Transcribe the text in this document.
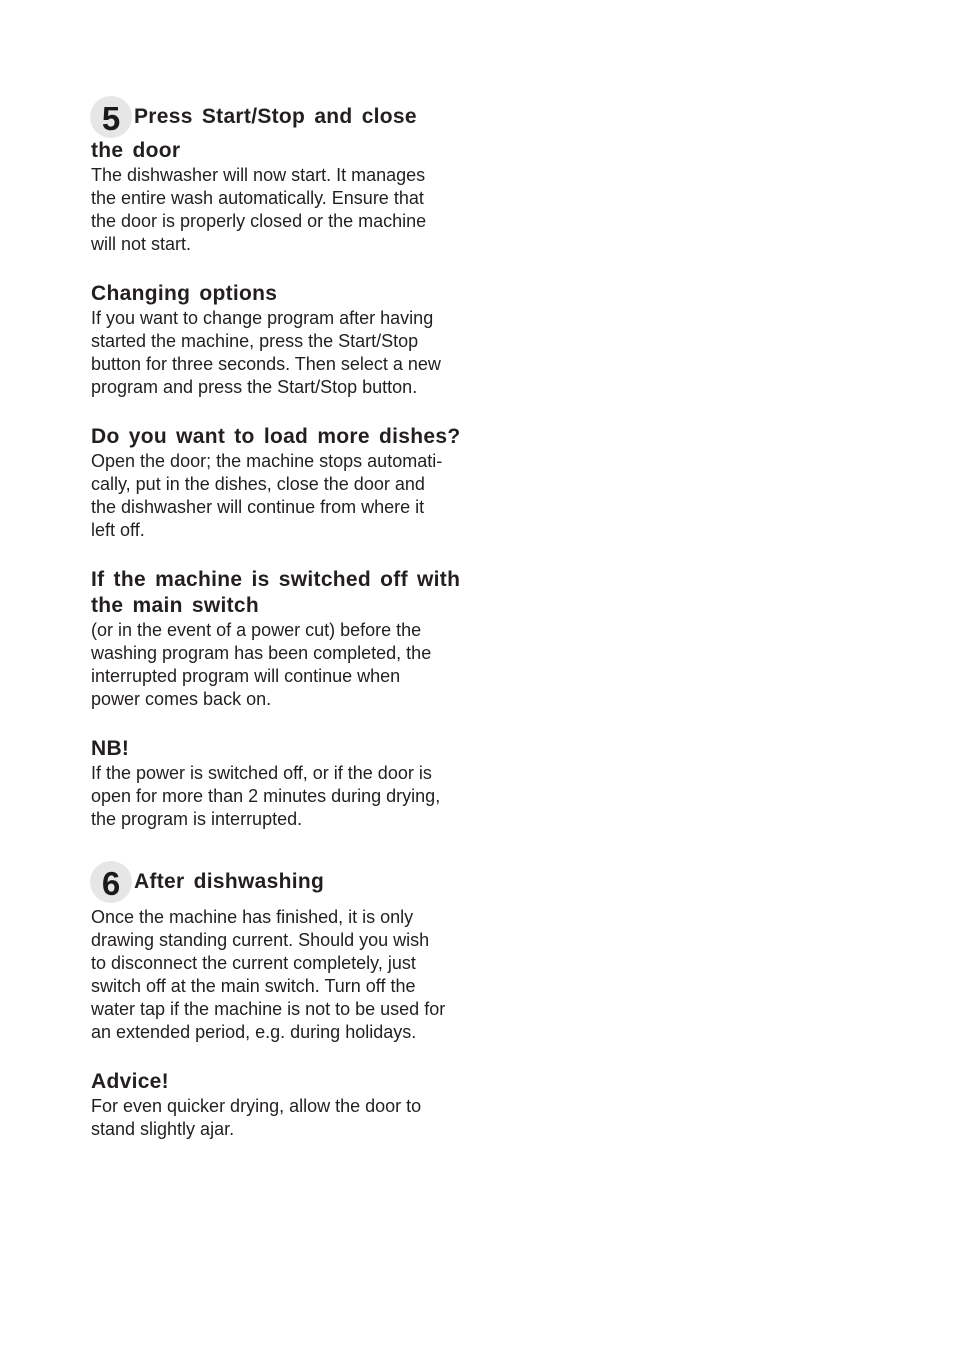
5 Press Start/Stop and close
the door

The dishwasher will now start. It manages
the entire wash automatically. Ensure that
the door is properly closed or the machine
will not start.

Changing options

If you want to change program after having
started the machine, press the Start/Stop
button for three seconds. Then select a new
program and press the Start/Stop button.

Do you want to load more dishes?

Open the door; the machine stops automati-
cally, put in the dishes, close the door and
the dishwasher will continue from where it
left off.

If the machine is switched off with
the main switch

(or in the event of a power cut) before the
washing program has been completed, the
interrupted program will continue when
power comes back on.

NB!

If the power is switched off, or if the door is
open for more than 2 minutes during drying,
the program is interrupted.

6 After dishwashing

Once the machine has finished, it is only
drawing standing current. Should you wish
to disconnect the current completely, just
switch off at the main switch. Turn off the
water tap if the machine is not to be used for
an extended period, e.g. during holidays.

Advice!

For even quicker drying, allow the door to
stand slightly ajar.
